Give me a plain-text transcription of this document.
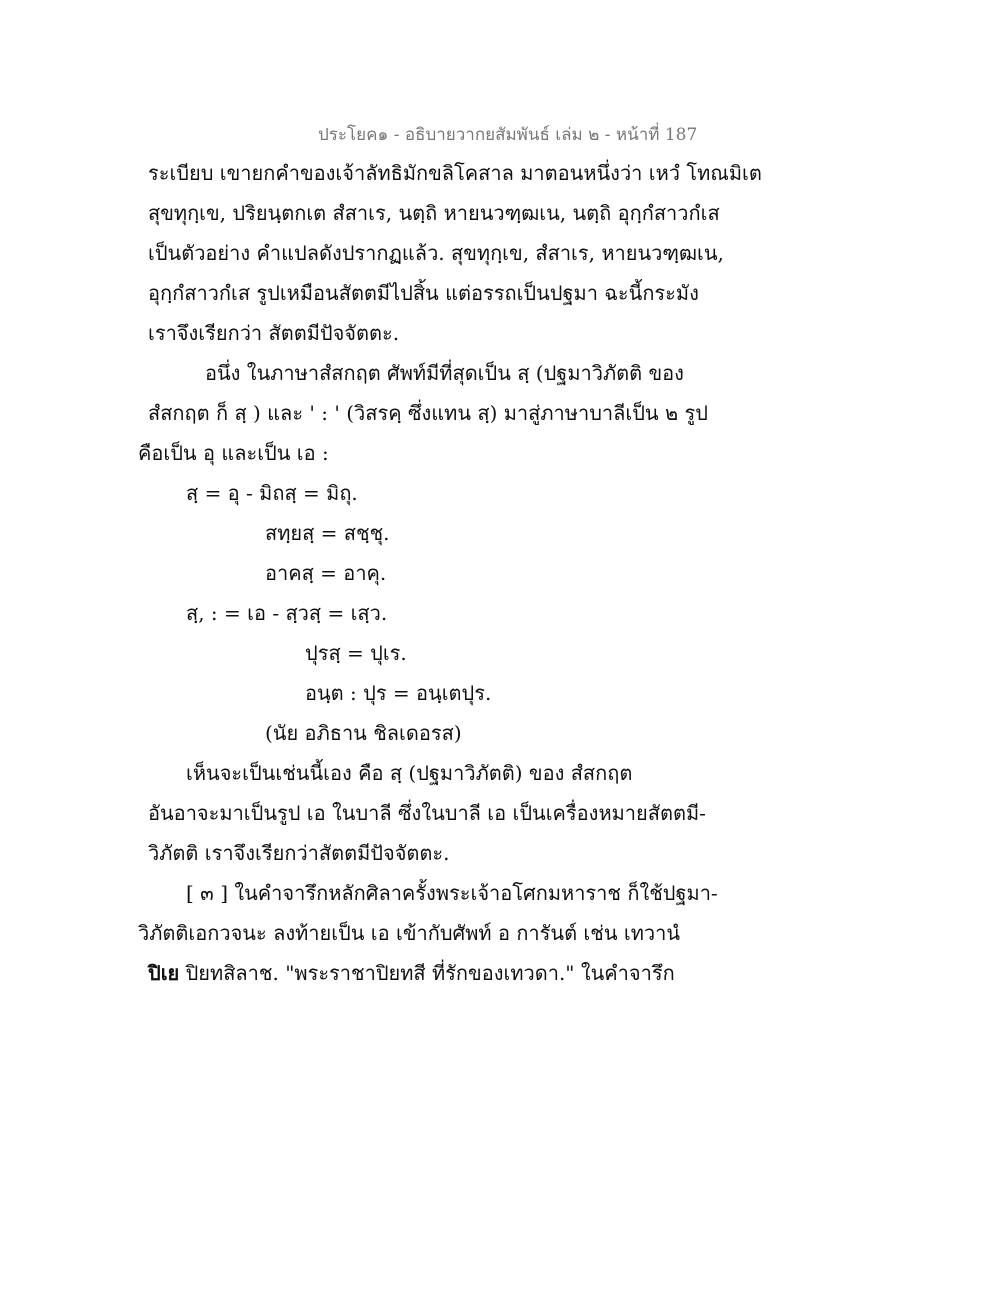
ประโยค๑ - อธิบายวากยสัมพันธ์ เล่ม ๒ - หน้าที่ 187
ระเบียบ เขายกคำของเจ้าลัทธิมักขลิโคสาล มาตอนหนึ่งว่า เหวํ โทณมิเต
สุขทุกฺเข, ปริยนฺตกเต สํสาเร, นตฺถิ หายนวฑฺฒเน, นตฺถิ อุกฺกํสาวกํเส
เป็นตัวอย่าง คำแปลดังปรากฏแล้ว. สุขทุกฺเข, สํสาเร, หายนวฑฺฒเน,
อุกฺกํสาวกํเส รูปเหมือนสัตตมีไปสิ้น แต่อรรถเป็นปฐมา ฉะนี้กระมัง
เราจึงเรียกว่า สัตตมีปัจจัตตะ.
อนึ่ง ในภาษาสํสกฤต ศัพท์มีที่สุดเป็น สฺ (ปฐมาวิภัตติ ของ
สํสกฤต ก็ สฺ ) และ ' : ' (วิสรคฺ ซึ่งแทน สฺ) มาสู่ภาษาบาลีเป็น ๒ รูป
คือเป็น อุ และเป็น เอ :
สฺ = อุ - มิถสฺ = มิถุ.
สทฺยสฺ = สชฺชุ.
อาคสฺ = อาคุ.
สฺ, : = เอ - สฺวสฺ = เสฺว.
ปุรสฺ = ปุเร.
อนฺต : ปุร = อนฺเตปุร.
(นัย อภิธาน ชิลเดอรส)
เห็นจะเป็นเช่นนี้เอง คือ สฺ (ปฐมาวิภัตติ) ของ สํสกฤต
อันอาจะมาเป็นรูป เอ ในบาลี ซึ่งในบาลี เอ เป็นเครื่องหมายสัตตมี-
วิภัตติ เราจึงเรียกว่าสัตตมีปัจจัตตะ.
[ ๓ ] ในคำจารึกหลักศิลาครั้งพระเจ้าอโศกมหาราช ก็ใช้ปฐมา-
วิภัตติเอกวจนะ ลงท้ายเป็น เอ เข้ากับศัพท์ อ การันต์ เช่น เทวานํ
ปิเย ปิยทสิลาช. "พระราชาปิยทสี ที่รักของเทวดา." ในคำจารึก
